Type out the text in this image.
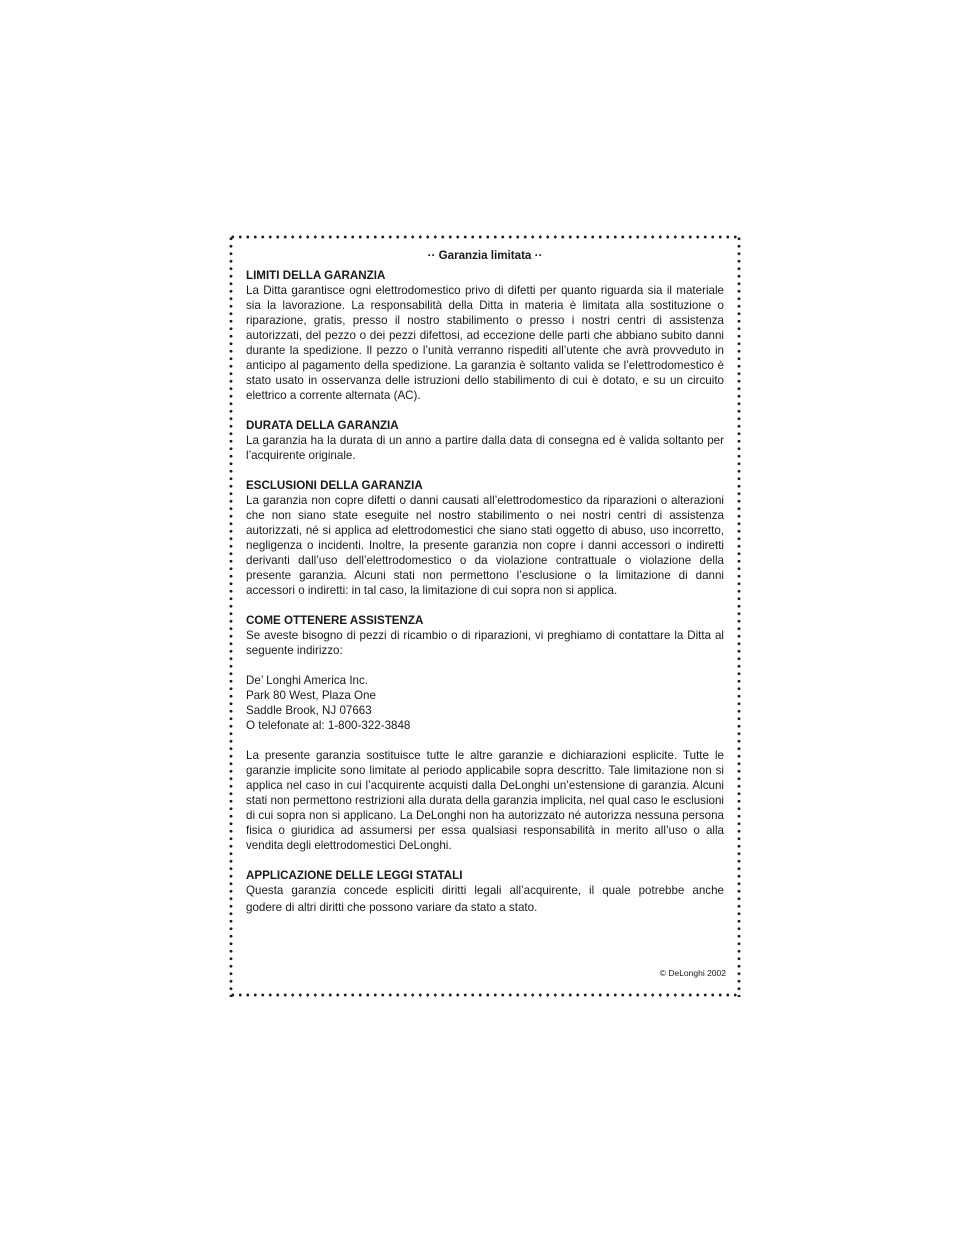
·· Garanzia limitata ··

LIMITI DELLA GARANZIA

La Ditta garantisce ogni elettrodomestico privo di difetti per quanto riguarda sia il materiale sia la lavorazione. La responsabilità della Ditta in materia è limitata alla sostituzione o riparazione, gratis, presso il nostro stabilimento o presso i nostri centri di assistenza autorizzati, del pezzo o dei pezzi difettosi, ad eccezione delle parti che abbiano subito danni durante la spedizione. Il pezzo o l’unità verranno rispediti all’utente che avrà provveduto in anticipo al pagamento della spedizione. La garanzia è soltanto valida se l’elettrodomestico è stato usato in osservanza delle istruzioni dello stabilimento di cui è dotato, e su un circuito elettrico a corrente alternata (AC).

DURATA DELLA GARANZIA

La garanzia ha la durata di un anno a partire dalla data di consegna ed è valida soltanto per l’acquirente originale.

ESCLUSIONI DELLA GARANZIA

La garanzia non copre difetti o danni causati all’elettrodomestico da riparazioni o alterazioni che non siano state eseguite nel nostro stabilimento o nei nostri centri di assistenza autorizzati, né si applica ad elettrodomestici che siano stati oggetto di abuso, uso incorretto, negligenza o incidenti. Inoltre, la presente garanzia non copre i danni accessori o indiretti derivanti dall’uso dell’elettrodomestico o da violazione contrattuale o violazione della presente garanzia. Alcuni stati non permettono l’esclusione o la limitazione di danni accessori o indiretti: in tal caso, la limitazione di cui sopra non si applica.

COME OTTENERE ASSISTENZA

Se aveste bisogno di pezzi di ricambio o di riparazioni, vi preghiamo di contattare la Ditta al seguente indirizzo:

De’ Longhi America Inc.

Park 80 West, Plaza One

Saddle Brook, NJ 07663

O telefonate al: 1-800-322-3848

La presente garanzia sostituisce tutte le altre garanzie e dichiarazioni esplicite. Tutte le garanzie implicite sono limitate al periodo applicabile sopra descritto. Tale limitazione non si applica nel caso in cui l’acquirente acquisti dalla DeLonghi un’estensione di garanzia. Alcuni stati non permettono restrizioni alla durata della garanzia implicita, nel qual caso le esclusioni di cui sopra non si applicano. La DeLonghi non ha autorizzato né autorizza nessuna persona fisica o giuridica ad assumersi per essa qualsiasi responsabilità in merito all’uso o alla vendita degli elettrodomestici DeLonghi.

APPLICAZIONE DELLE LEGGI STATALI

Questa garanzia concede espliciti diritti legali all’acquirente, il quale potrebbe anche
godere di altri diritti che possono variare da stato a stato.
© DeLonghi 2002
